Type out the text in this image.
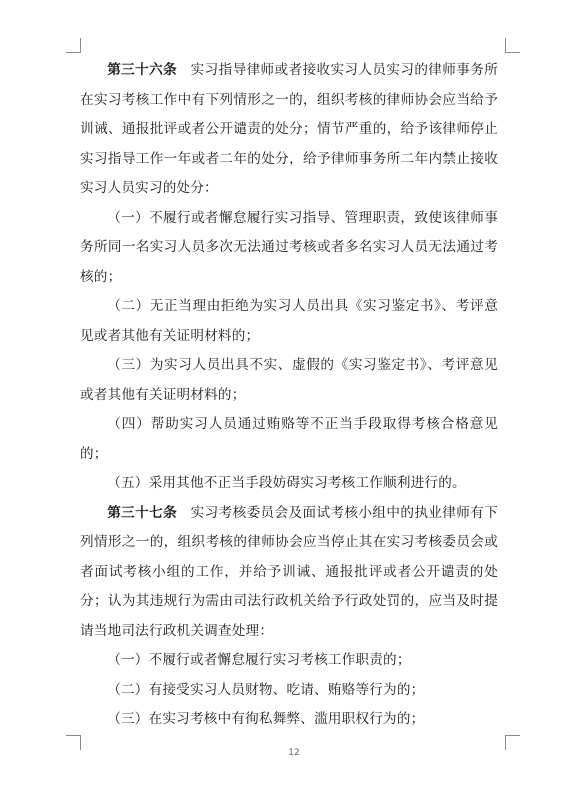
第三十六条 实习指导律师或者接收实习人员实习的律师事务所在实习考核工作中有下列情形之一的，组织考核的律师协会应当给予训诫、通报批评或者公开谴责的处分；情节严重的，给予该律师停止实习指导工作一年或者二年的处分，给予律师事务所二年内禁止接收实习人员实习的处分：

（一）不履行或者懈怠履行实习指导、管理职责，致使该律师事务所同一名实习人员多次无法通过考核或者多名实习人员无法通过考核的；

（二）无正当理由拒绝为实习人员出具《实习鉴定书》、考评意见或者其他有关证明材料的；

（三）为实习人员出具不实、虚假的《实习鉴定书》、考评意见或者其他有关证明材料的；

（四）帮助实习人员通过贿赂等不正当手段取得考核合格意见的；

（五）采用其他不正当手段妨碍实习考核工作顺利进行的。

第三十七条 实习考核委员会及面试考核小组中的执业律师有下列情形之一的，组织考核的律师协会应当停止其在实习考核委员会或者面试考核小组的工作，并给予训诫、通报批评或者公开谴责的处分；认为其违规行为需由司法行政机关给予行政处罚的，应当及时提请当地司法行政机关调查处理：

（一）不履行或者懈怠履行实习考核工作职责的；

（二）有接受实习人员财物、吃请、贿赂等行为的；

（三）在实习考核中有徇私舞弊、滥用职权行为的；

12
